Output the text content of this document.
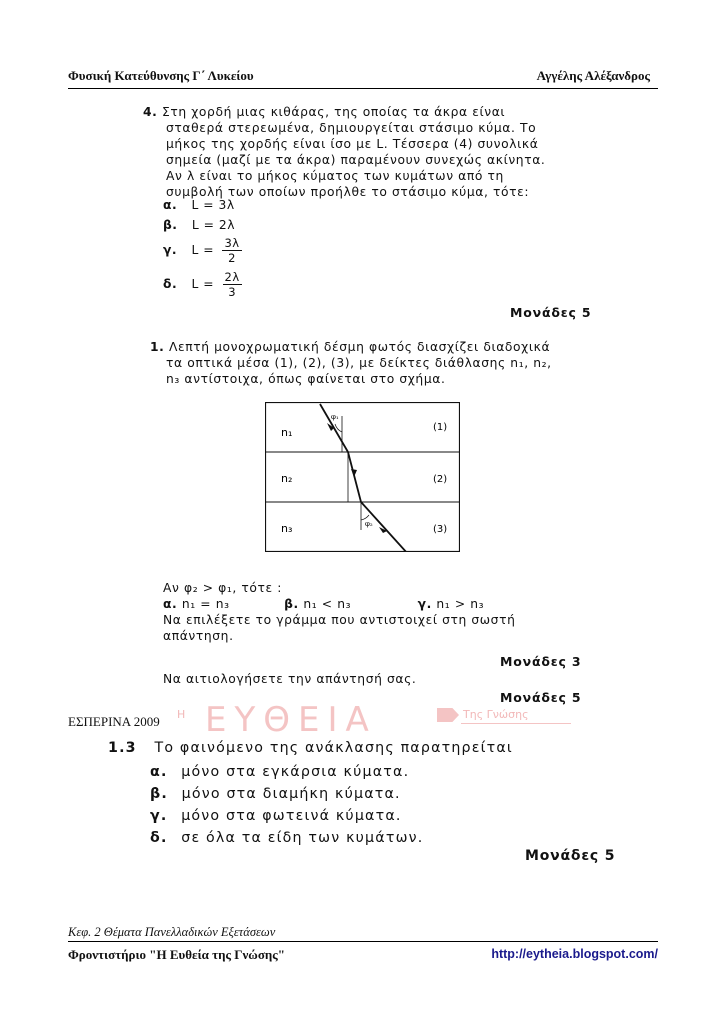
Φυσική Κατεύθυνσης Γ΄ Λυκείου	Αγγέλης Αλέξανδρος

4. Στη χορδή μιας κιθάρας, της οποίας τα άκρα είναι

σταθερά στερεωμένα, δημιουργείται στάσιμο κύμα. Το

μήκος της χορδής είναι ίσο με L. Τέσσερα (4) συνολικά

σημεία (μαζί με τα άκρα) παραμένουν συνεχώς ακίνητα.

Αν λ είναι το μήκος κύματος των κυμάτων από τη

συμβολή των οποίων προήλθε το στάσιμο κύμα, τότε:

α. L = 3λ
β. L = 2λ
γ. $L = \frac{3\lambda}{2}$
δ. $L = \frac{2\lambda}{3}$
Μονάδες 5

1. Λεπτή μονοχρωματική δέσμη φωτός διασχίζει διαδοχικά

τα οπτικά μέσα (1), (2), (3), με δείκτες διάθλασης n₁, n₂,

n₃ αντίστοιχα, όπως φαίνεται στο σχήμα.

φ₁
φ₂
n₁
n₂
n₃
(1)
(2)
(3)

Αν φ₂ > φ₁, τότε :

α. n₁ = n₃	β. n₁ < n₃	γ. n₁ > n₃

Να επιλέξετε το γράμμα που αντιστοιχεί στη σωστή

απάντηση.

Μονάδες 3
Να αιτιολογήσετε την απάντησή σας.
Μονάδες 5
ΕΣΠΕΡΙΝΑ 2009 Η ΕΥΘΕΙΑ	Της Γνώσης
1.3 Το φαινόμενο της ανάκλασης παρατηρείται
α. μόνο στα εγκάρσια κύματα.
β. μόνο στα διαμήκη κύματα.
γ. μόνο στα φωτεινά κύματα.
δ. σε όλα τα είδη των κυμάτων.
Μονάδες 5
Κεφ. 2 Θέματα Πανελλαδικών Εξετάσεων
Φροντιστήριο "Η Ευθεία της Γνώσης"	http://eytheia.blogspot.com/
